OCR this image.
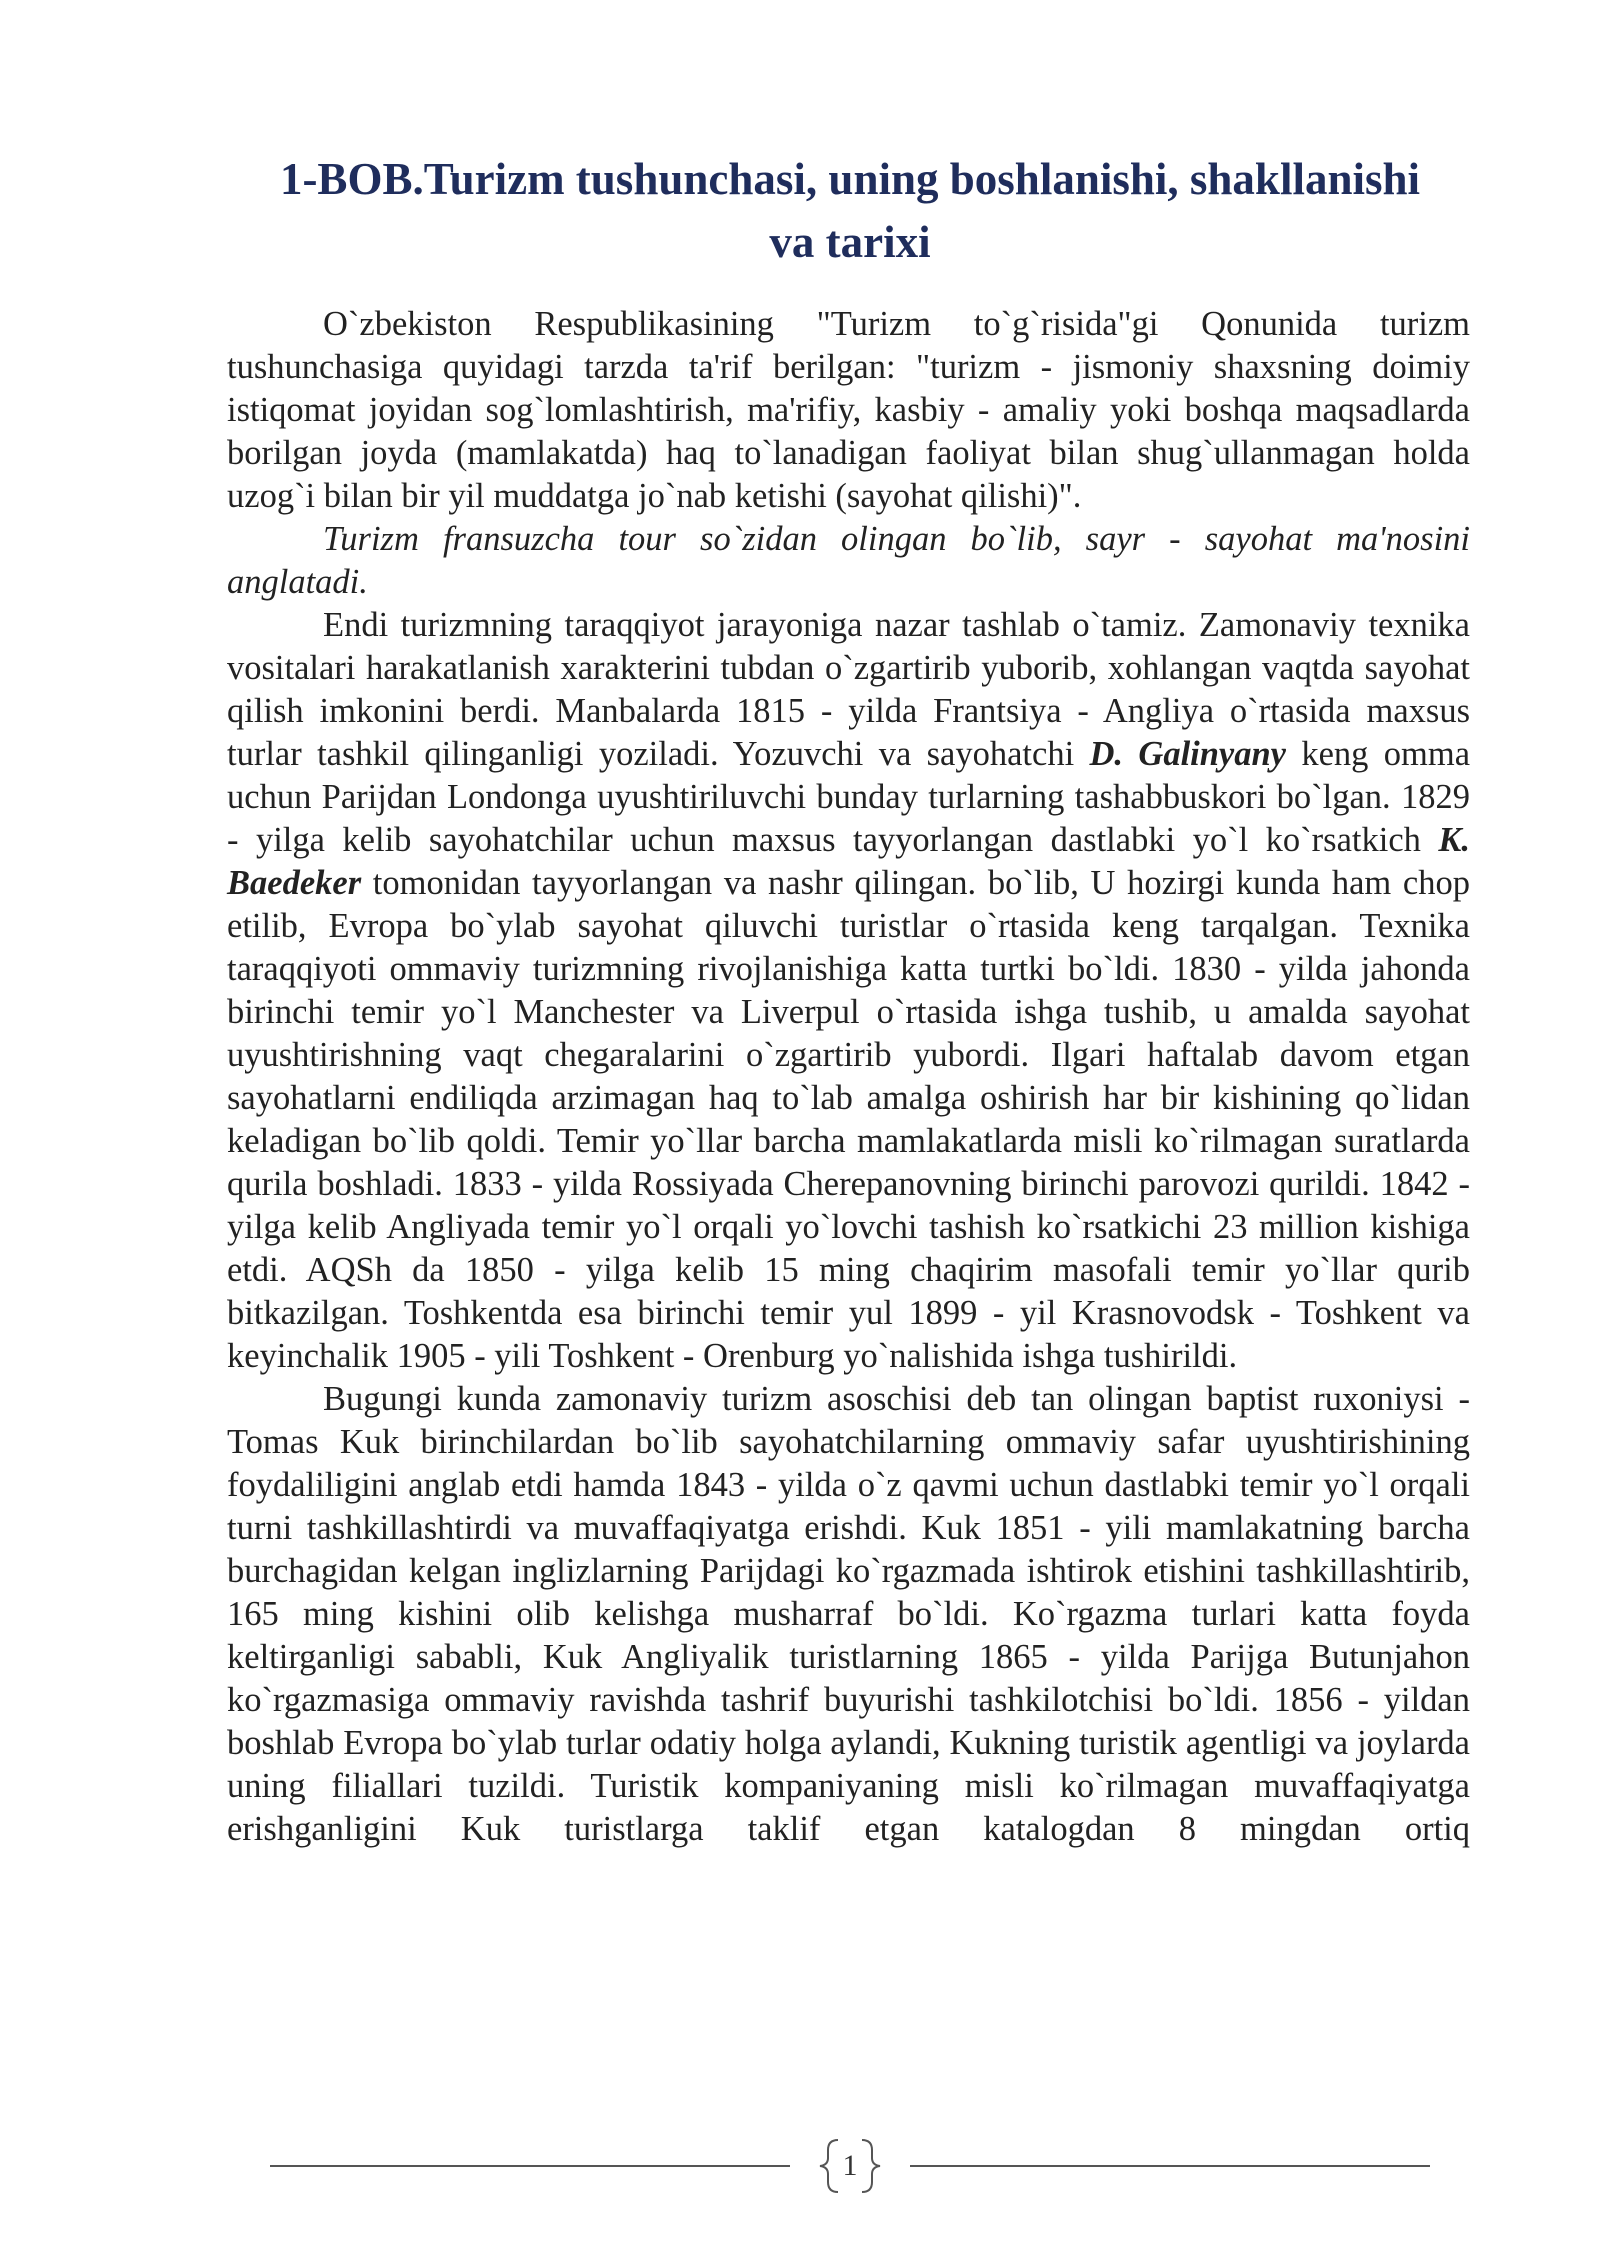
1-BOB.Turizm tushunchasi, uning boshlanishi, shakllanishi
va tarixi

O`zbekiston Respublikasining "Turizm to`g`risida"gi Qonunida turizm tushunchasiga quyidagi tarzda ta'rif berilgan: "turizm - jismoniy shaxsning doimiy istiqomat joyidan sog`lomlashtirish, ma'rifiy, kasbiy - amaliy yoki boshqa maqsadlarda borilgan joyda (mamlakatda) haq to`lanadigan faoliyat bilan shug`ullanmagan holda uzog`i bilan bir yil muddatga jo`nab ketishi (sayohat qilishi)".

Turizm fransuzcha tour so`zidan olingan bo`lib, sayr - sayohat ma'nosini anglatadi.

Endi turizmning taraqqiyot jarayoniga nazar tashlab o`tamiz. Zamonaviy texnika vositalari harakatlanish xarakterini tubdan o`zgartirib yuborib, xohlangan vaqtda sayohat qilish imkonini berdi. Manbalarda 1815 - yilda Frantsiya - Angliya o`rtasida maxsus turlar tashkil qilinganligi yoziladi. Yozuvchi va sayohatchi D. Galinyany keng omma uchun Parijdan Londonga uyushtiriluvchi bunday turlarning tashabbuskori bo`lgan. 1829 - yilga kelib sayohatchilar uchun maxsus tayyorlangan dastlabki yo`l ko`rsatkich K. Baedeker tomonidan tayyorlangan va nashr qilingan. bo`lib, U hozirgi kunda ham chop etilib, Evropa bo`ylab sayohat qiluvchi turistlar o`rtasida keng tarqalgan. Texnika taraqqiyoti ommaviy turizmning rivojlanishiga katta turtki bo`ldi. 1830 - yilda jahonda birinchi temir yo`l Manchester va Liverpul o`rtasida ishga tushib, u amalda sayohat uyushtirishning vaqt chegaralarini o`zgartirib yubordi. Ilgari haftalab davom etgan sayohatlarni endiliqda arzimagan haq to`lab amalga oshirish har bir kishining qo`lidan keladigan bo`lib qoldi. Temir yo`llar barcha mamlakatlarda misli ko`rilmagan suratlarda qurila boshladi. 1833 - yilda Rossiyada Cherepanovning birinchi parovozi qurildi. 1842 - yilga kelib Angliyada temir yo`l orqali yo`lovchi tashish ko`rsatkichi 23 million kishiga etdi. AQSh da 1850 - yilga kelib 15 ming chaqirim masofali temir yo`llar qurib bitkazilgan. Toshkentda esa birinchi temir yul 1899 - yil Krasnovodsk - Toshkent va keyinchalik 1905 - yili Toshkent - Orenburg yo`nalishida ishga tushirildi.

Bugungi kunda zamonaviy turizm asoschisi deb tan olingan baptist ruxoniysi - Tomas Kuk birinchilardan bo`lib sayohatchilarning ommaviy safar uyushtirishining foydaliligini anglab etdi hamda 1843 - yilda o`z qavmi uchun dastlabki temir yo`l orqali turni tashkillashtirdi va muvaffaqiyatga erishdi. Kuk 1851 - yili mamlakatning barcha burchagidan kelgan inglizlarning Parijdagi ko`rgazmada ishtirok etishini tashkillashtirib, 165 ming kishini olib kelishga musharraf bo`ldi. Ko`rgazma turlari katta foyda keltirganligi sababli, Kuk Angliyalik turistlarning 1865 - yilda Parijga Butunjahon ko`rgazmasiga ommaviy ravishda tashrif buyurishi tashkilotchisi bo`ldi. 1856 - yildan boshlab Evropa bo`ylab turlar odatiy holga aylandi, Kukning turistik agentligi va joylarda uning filiallari tuzildi. Turistik kompaniyaning misli ko`rilmagan muvaffaqiyatga erishganligini Kuk turistlarga taklif etgan katalogdan 8 mingdan ortiq

1
